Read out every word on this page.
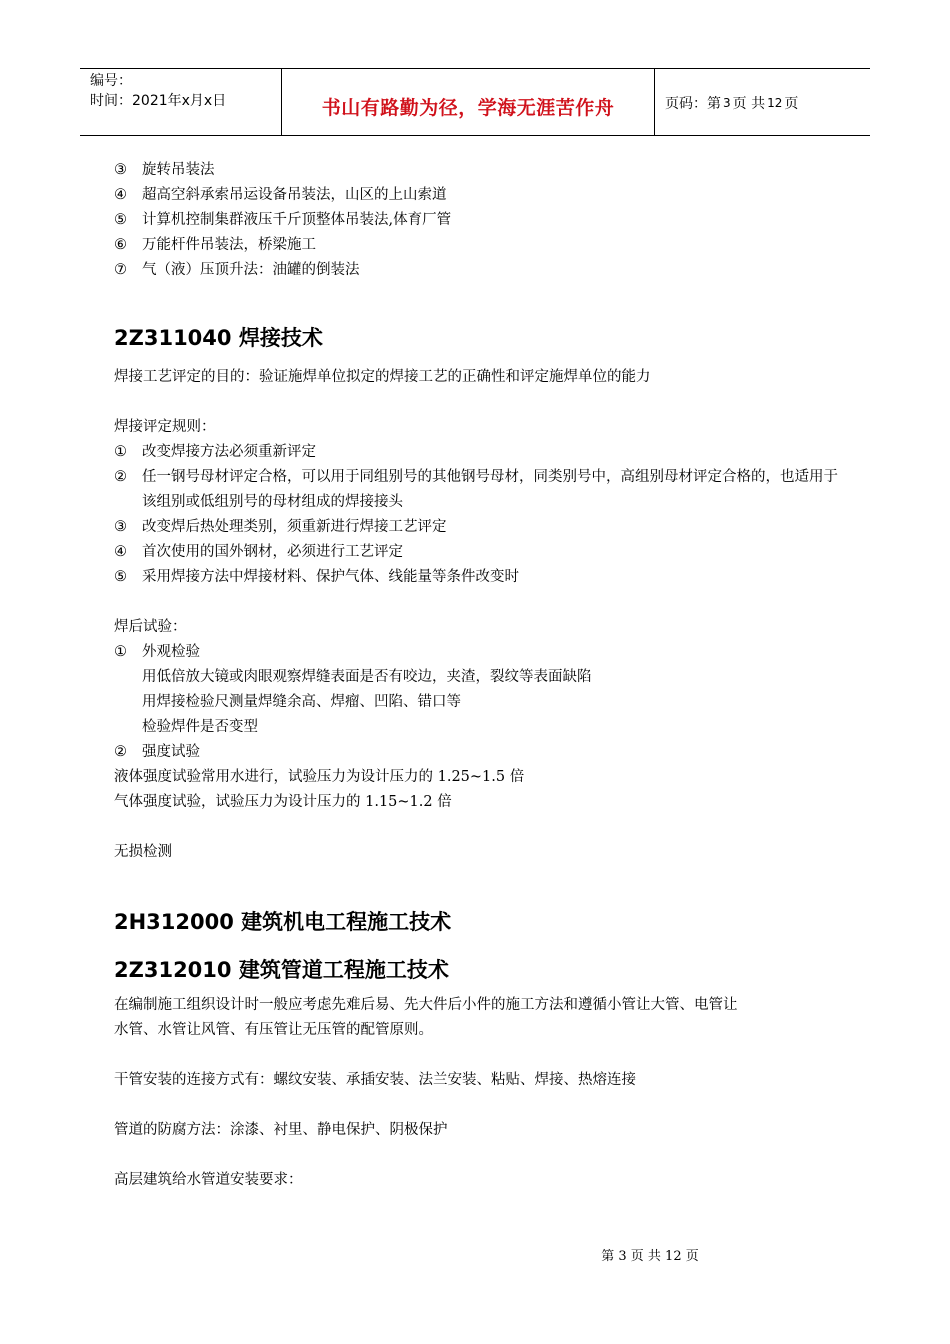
编号：
时间：2021年x月x日	书山有路勤为径，学海无涯苦作舟	页码：第 3 页 共 12 页
③	旋转吊装法
④	超高空斜承索吊运设备吊装法，山区的上山索道
⑤	计算机控制集群液压千斤顶整体吊装法,体育厂管
⑥	万能杆件吊装法，桥梁施工
⑦	气（液）压顶升法：油罐的倒装法
2Z311040 焊接技术

焊接工艺评定的目的：验证施焊单位拟定的焊接工艺的正确性和评定施焊单位的能力

焊接评定规则：

①	改变焊接方法必须重新评定
②	任一钢号母材评定合格，可以用于同组别号的其他钢号母材，同类别号中，高组别母材评定合格的，也适用于该组别或低组别号的母材组成的焊接接头
③	改变焊后热处理类别，须重新进行焊接工艺评定
④	首次使用的国外钢材，必须进行工艺评定
⑤	采用焊接方法中焊接材料、保护气体、线能量等条件改变时

焊后试验：

①	外观检验
用低倍放大镜或肉眼观察焊缝表面是否有咬边，夹渣，裂纹等表面缺陷
用焊接检验尺测量焊缝余高、焊瘤、凹陷、错口等
检验焊件是否变型
②	强度试验

液体强度试验常用水进行，试验压力为设计压力的 1.25~1.5 倍

气体强度试验，试验压力为设计压力的 1.15~1.2 倍

无损检测

2H312000 建筑机电工程施工技术
2Z312010 建筑管道工程施工技术

在编制施工组织设计时一般应考虑先难后易、先大件后小件的施工方法和遵循小管让大管、电管让

水管、水管让风管、有压管让无压管的配管原则。

干管安装的连接方式有：螺纹安装、承插安装、法兰安装、粘贴、焊接、热熔连接

管道的防腐方法：涂漆、衬里、静电保护、阴极保护

高层建筑给水管道安装要求：

第 3 页 共 12 页
